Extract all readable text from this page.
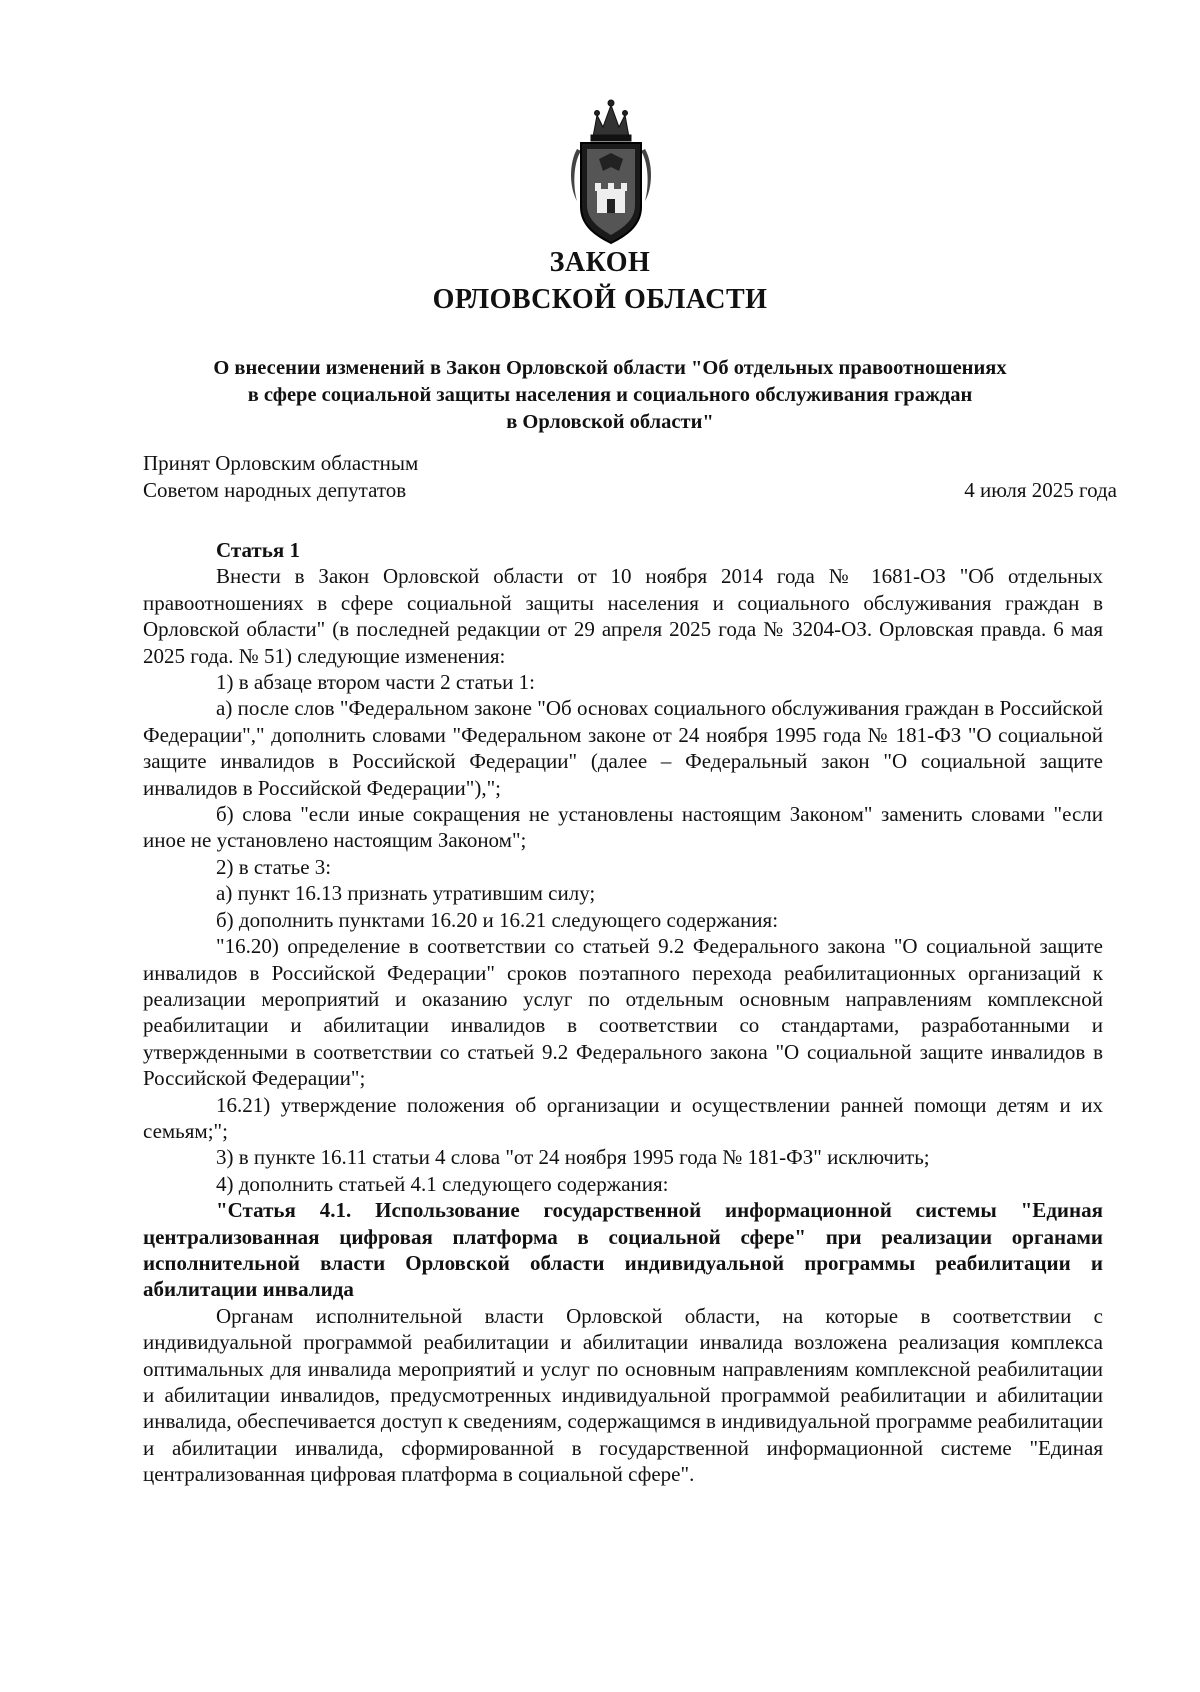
ЗАКОН
ОРЛОВСКОЙ ОБЛАСТИ
О внесении изменений в Закон Орловской области "Об отдельных правоотношениях
в сфере социальной защиты населения и социального обслуживания граждан
в Орловской области"
Принят Орловским областным
Советом народных депутатов	4 июля 2025 года

Статья 1

Внести в Закон Орловской области от 10 ноября 2014 года № 1681-ОЗ "Об отдельных правоотношениях в сфере социальной защиты населения и социального обслуживания граждан в Орловской области" (в последней редакции от 29 апреля 2025 года № 3204-ОЗ. Орловская правда. 6 мая 2025 года. № 51) следующие изменения:

1) в абзаце втором части 2 статьи 1:

а) после слов "Федеральном законе "Об основах социального обслуживания граждан в Российской Федерации"," дополнить словами "Федеральном законе от 24 ноября 1995 года № 181-ФЗ "О социальной защите инвалидов в Российской Федерации" (далее – Федеральный закон "О социальной защите инвалидов в Российской Федерации"),";

б) слова "если иные сокращения не установлены настоящим Законом" заменить словами "если иное не установлено настоящим Законом";

2) в статье 3:

а) пункт 16.13 признать утратившим силу;

б) дополнить пунктами 16.20 и 16.21 следующего содержания:

"16.20) определение в соответствии со статьей 9.2 Федерального закона "О социальной защите инвалидов в Российской Федерации" сроков поэтапного перехода реабилитационных организаций к реализации мероприятий и оказанию услуг по отдельным основным направлениям комплексной реабилитации и абилитации инвалидов в соответствии со стандартами, разработанными и утвержденными в соответствии со статьей 9.2 Федерального закона "О социальной защите инвалидов в Российской Федерации";

16.21) утверждение положения об организации и осуществлении ранней помощи детям и их семьям;";

3) в пункте 16.11 статьи 4 слова "от 24 ноября 1995 года № 181-ФЗ" исключить;

4) дополнить статьей 4.1 следующего содержания:

"Статья 4.1. Использование государственной информационной системы "Единая централизованная цифровая платформа в социальной сфере" при реализации органами исполнительной власти Орловской области индивидуальной программы реабилитации и абилитации инвалида

Органам исполнительной власти Орловской области, на которые в соответствии с индивидуальной программой реабилитации и абилитации инвалида возложена реализация комплекса оптимальных для инвалида мероприятий и услуг по основным направлениям комплексной реабилитации и абилитации инвалидов, предусмотренных индивидуальной программой реабилитации и абилитации инвалида, обеспечивается доступ к сведениям, содержащимся в индивидуальной программе реабилитации и абилитации инвалида, сформированной в государственной информационной системе "Единая централизованная цифровая платформа в социальной сфере".
